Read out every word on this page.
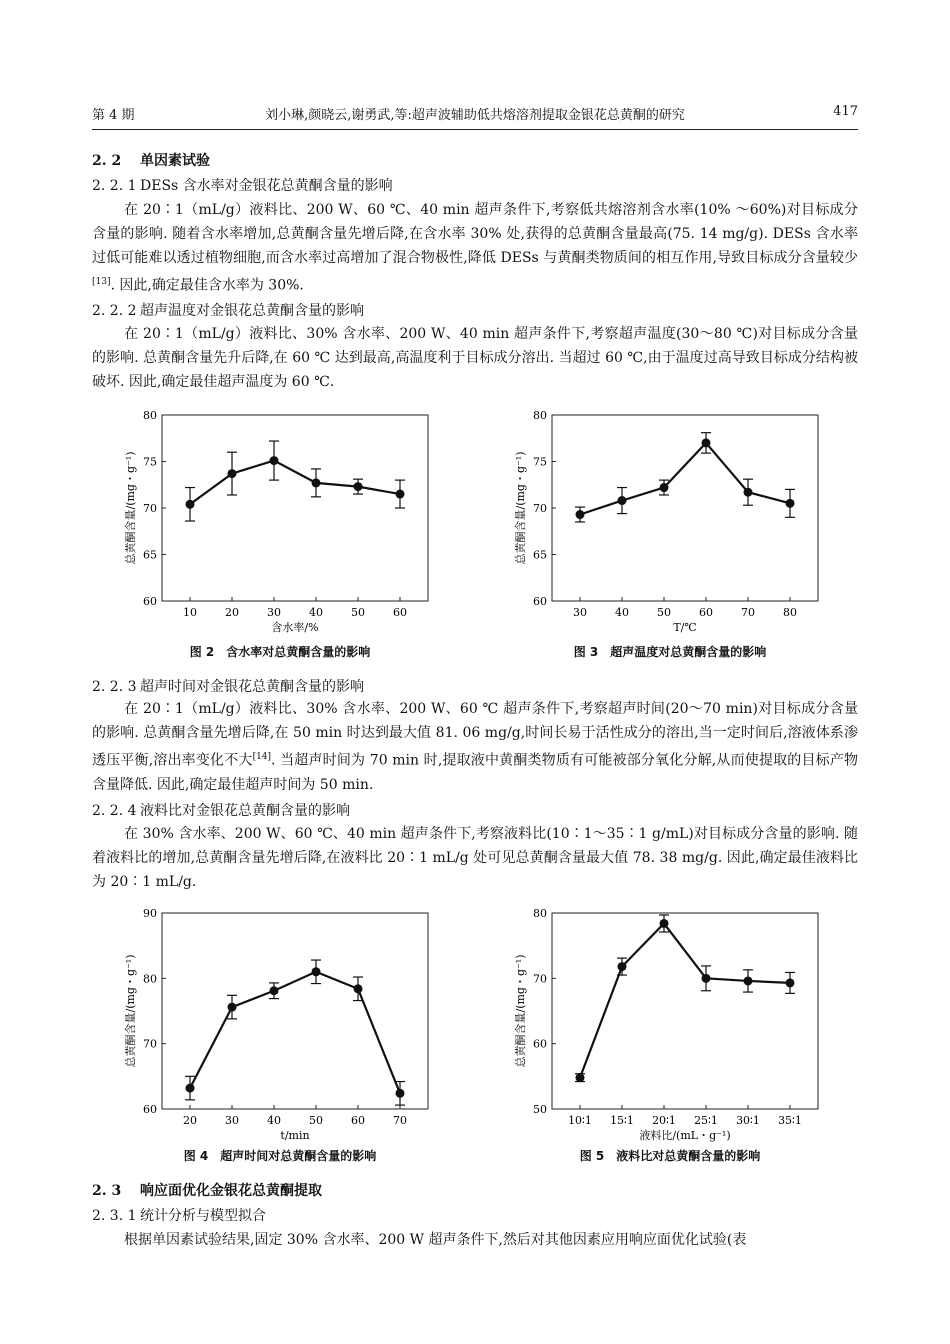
第 4 期	刘小琳,颜晓云,谢勇武,等:超声波辅助低共熔溶剂提取金银花总黄酮的研究	417
2. 2 单因素试验
2. 2. 1 DESs 含水率对金银花总黄酮含量的影响

在 20∶1（mL/g）液料比、200 W、60 ℃、40 min 超声条件下,考察低共熔溶剂含水率(10% ～60%)对目标成分含量的影响. 随着含水率增加,总黄酮含量先增后降,在含水率 30% 处,获得的总黄酮含量最高(75. 14 mg/g). DESs 含水率过低可能难以透过植物细胞,而含水率过高增加了混合物极性,降低 DESs 与黄酮类物质间的相互作用,导致目标成分含量较少[13]. 因此,确定最佳含水率为 30%.

2. 2. 2 超声温度对金银花总黄酮含量的影响

在 20∶1（mL/g）液料比、30% 含水率、200 W、40 min 超声条件下,考察超声温度(30～80 ℃)对目标成分含量的影响. 总黄酮含量先升后降,在 60 ℃ 达到最高,高温度利于目标成分溶出. 当超过 60 ℃,由于温度过高导致目标成分结构被破坏. 因此,确定最佳超声温度为 60 ℃.

60
65
70
75
80
10	20	30	40	50	60
含水率/%
总黄酮含量/(mg・g⁻¹)
60
65
70
75
80
30	40	50	60	70	80
T/℃
总黄酮含量/(mg・g⁻¹)
图 2　含水率对总黄酮含量的影响	图 3　超声温度对总黄酮含量的影响
2. 2. 3 超声时间对金银花总黄酮含量的影响

在 20∶1（mL/g）液料比、30% 含水率、200 W、60 ℃ 超声条件下,考察超声时间(20～70 min)对目标成分含量的影响. 总黄酮含量先增后降,在 50 min 时达到最大值 81. 06 mg/g,时间长易于活性成分的溶出,当一定时间后,溶液体系渗透压平衡,溶出率变化不大[14]. 当超声时间为 70 min 时,提取液中黄酮类物质有可能被部分氧化分解,从而使提取的目标产物含量降低. 因此,确定最佳超声时间为 50 min.

2. 2. 4 液料比对金银花总黄酮含量的影响

在 30% 含水率、200 W、60 ℃、40 min 超声条件下,考察液料比(10∶1～35∶1 g/mL)对目标成分含量的影响. 随着液料比的增加,总黄酮含量先增后降,在液料比 20∶1 mL/g 处可见总黄酮含量最大值 78. 38 mg/g. 因此,确定最佳液料比为 20∶1 mL/g.

60
70
80
90
20	30	40	50	60	70
t/min
总黄酮含量/(mg・g⁻¹)
50
60
70
80
10∶1 15∶1 20∶1 25∶1 30∶1 35∶1
液料比/(mL・g⁻¹)
总黄酮含量/(mg・g⁻¹)
图 4　超声时间对总黄酮含量的影响	图 5　液料比对总黄酮含量的影响
2. 3 响应面优化金银花总黄酮提取
2. 3. 1 统计分析与模型拟合

根据单因素试验结果,固定 30% 含水率、200 W 超声条件下,然后对其他因素应用响应面优化试验(表
